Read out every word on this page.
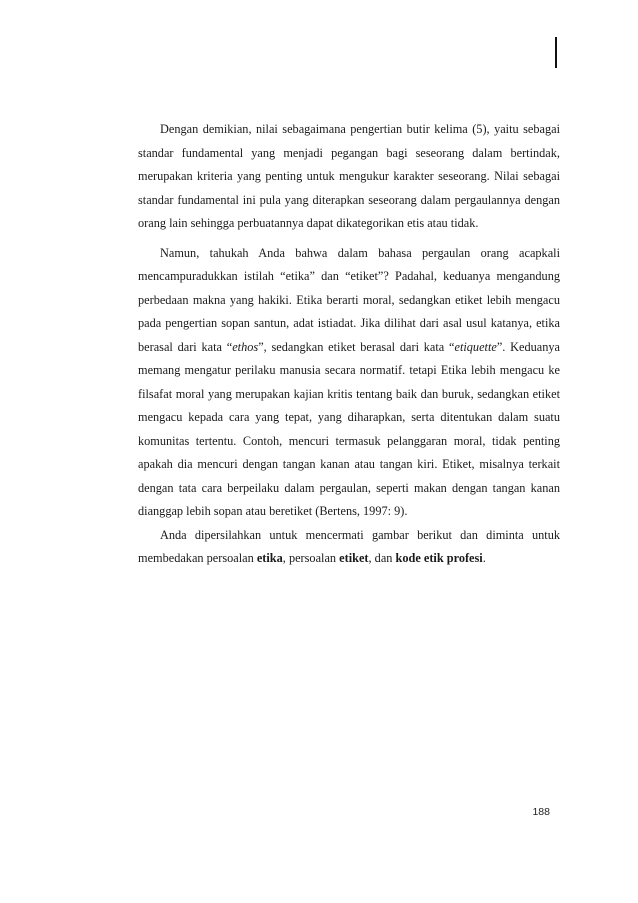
Dengan demikian, nilai sebagaimana pengertian butir kelima (5), yaitu sebagai standar fundamental yang menjadi pegangan bagi seseorang dalam bertindak, merupakan kriteria yang penting untuk mengukur karakter seseorang. Nilai sebagai standar fundamental ini pula yang diterapkan seseorang dalam pergaulannya dengan orang lain sehingga perbuatannya dapat dikategorikan etis atau tidak.

Namun, tahukah Anda bahwa dalam bahasa pergaulan orang acapkali mencampuradukkan istilah “etika” dan “etiket”? Padahal, keduanya mengandung perbedaan makna yang hakiki. Etika berarti moral, sedangkan etiket lebih mengacu pada pengertian sopan santun, adat istiadat. Jika dilihat dari asal usul katanya, etika berasal dari kata “ethos”, sedangkan etiket berasal dari kata “etiquette”. Keduanya memang mengatur perilaku manusia secara normatif. tetapi Etika lebih mengacu ke filsafat moral yang merupakan kajian kritis tentang baik dan buruk, sedangkan etiket mengacu kepada cara yang tepat, yang diharapkan, serta ditentukan dalam suatu komunitas tertentu. Contoh, mencuri termasuk pelanggaran moral, tidak penting apakah dia mencuri dengan tangan kanan atau tangan kiri. Etiket, misalnya terkait dengan tata cara berpeilaku dalam pergaulan, seperti makan dengan tangan kanan dianggap lebih sopan atau beretiket (Bertens, 1997: 9).

Anda dipersilahkan untuk mencermati gambar berikut dan diminta untuk membedakan persoalan etika, persoalan etiket, dan kode etik profesi.

188
